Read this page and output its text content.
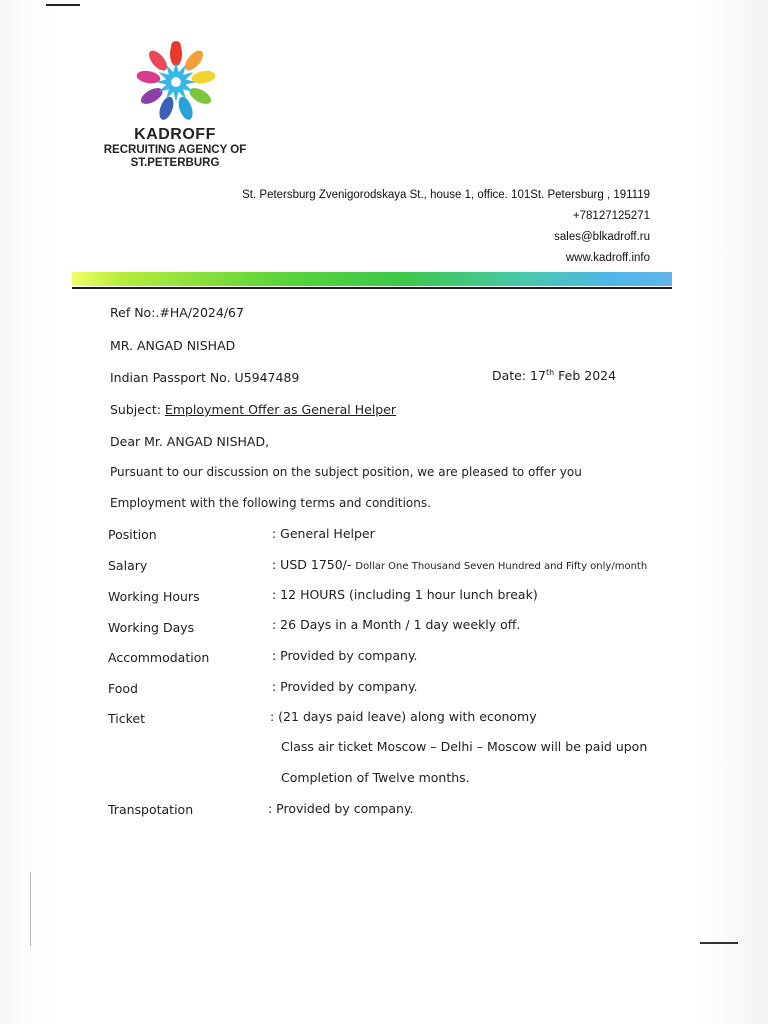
KADROFF
RECRUITING AGENCY OF
ST.PETERBURG
St. Petersburg Zvenigorodskaya St., house 1, office. 101St. Petersburg , 191119
+78127125271
sales@blkadroff.ru
www.kadroff.info
Ref No:.#HA/2024/67
MR. ANGAD NISHAD
Indian Passport No. U5947489	Date: 17th Feb 2024
Subject: Employment Offer as General Helper
Dear Mr. ANGAD NISHAD,
Pursuant to our discussion on the subject position, we are pleased to offer you
Employment with the following terms and conditions.
Position	: General Helper
Salary	: USD 1750/- Dollar One Thousand Seven Hundred and Fifty only/month
Working Hours	: 12 HOURS (including 1 hour lunch break)
Working Days	: 26 Days in a Month / 1 day weekly off.
Accommodation	: Provided by company.
Food	: Provided by company.
Ticket	: (21 days paid leave) along with economy
Class air ticket Moscow – Delhi – Moscow will be paid upon
Completion of Twelve months.
Transpotation	: Provided by company.
